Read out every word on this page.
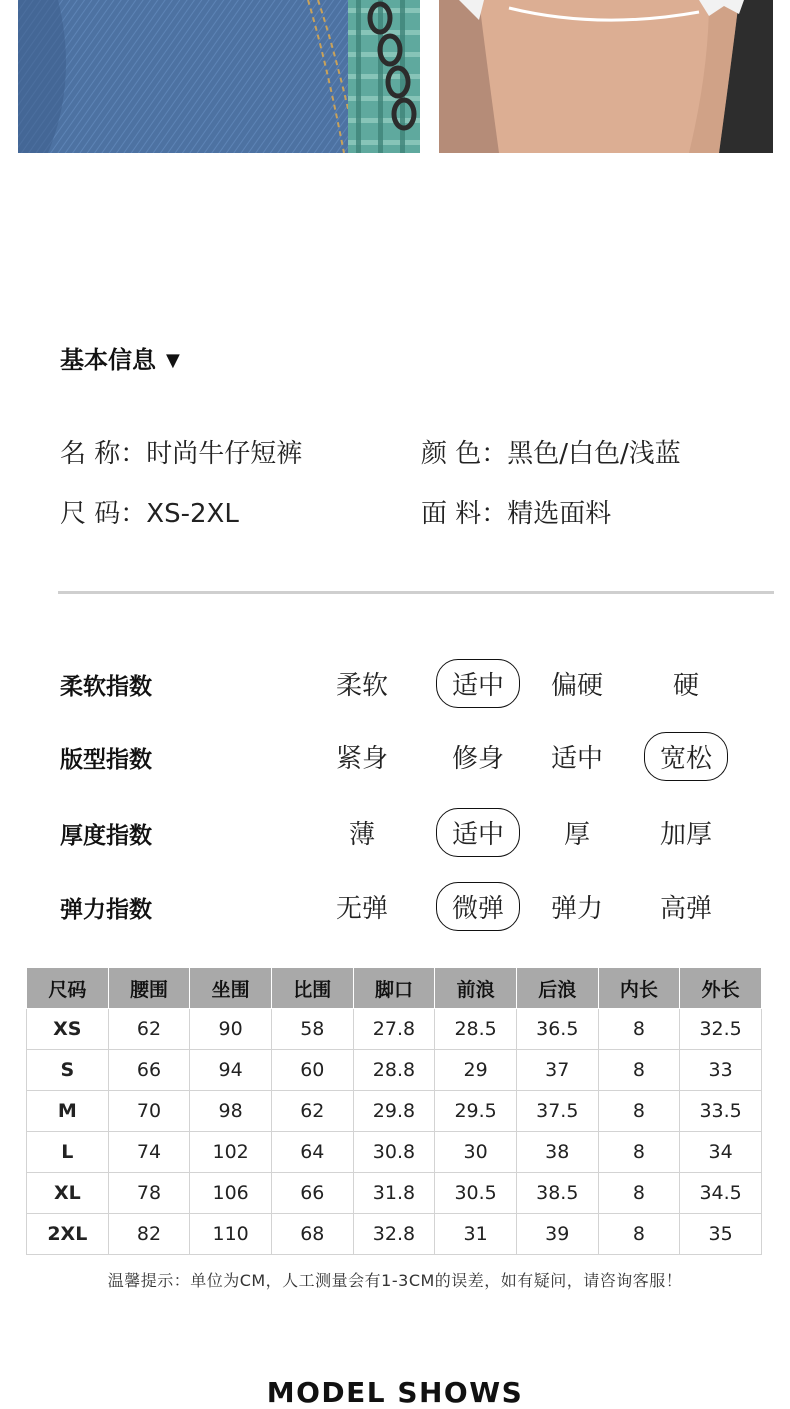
基本信息 ▼
名 称：时尚牛仔短裤	颜 色：黑色/白色/浅蓝
尺 码：XS-2XL	面 料：精选面料
柔软指数	柔软 适中 偏硬	硬
版型指数	紧身 修身 适中 宽松
厚度指数	薄	适中 厚	加厚
弹力指数	无弹 微弹 弹力 高弹
尺码	腰围	坐围	比围	脚口	前浪	后浪	内长	外长
XS	62	90	58	27.8	28.5	36.5	8	32.5
S	66	94	60	28.8	29	37	8	33
M	70	98	62	29.8	29.5	37.5	8	33.5
L	74	102	64	30.8	30	38	8	34
XL	78	106	66	31.8	30.5	38.5	8	34.5
2XL	82	110	68	32.8	31	39	8	35
温馨提示：单位为CM，人工测量会有1-3CM的误差，如有疑问，请咨询客服！
MODEL SHOWS
